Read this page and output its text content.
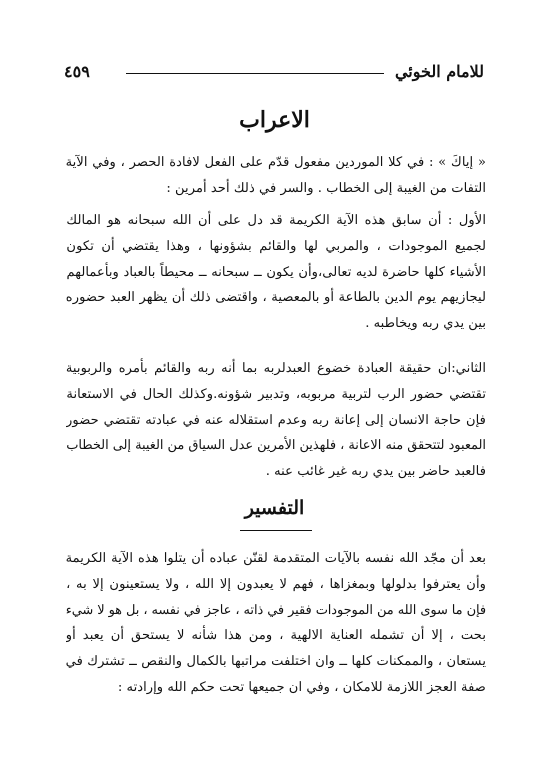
للامام الخوئي
٤٥٩
الاعراب
« إياكَ » : في كلا الموردين مفعول قدّم على الفعل لافادة الحصر ، وفي الآية
التفات من الغيبة إلى الخطاب . والسر في ذلك أحد أمرين :
الأول : أن سابق هذه الآية الكريمة قد دل على أن الله سبحانه هو المالك
لجميع الموجودات ، والمربي لها والقائم بشؤونها ، وهذا يقتضي أن تكون
الأشياء كلها حاضرة لديه تعالى،وأن يكون ــ سبحانه ــ محيطاً بالعباد وبأعمالهم
ليجازيهم يوم الدين بالطاعة أو بالمعصية ، واقتضى ذلك أن يظهر العبد حضوره
بين يدي ربه ويخاطبه .
الثاني:ان حقيقة العبادة خضوع العبدلربه بما أنه ربه والقائم بأمره والربوبية
تقتضي حضور الرب لتربية مربوبه، وتدبير شؤونه.وكذلك الحال في الاستعانة
فإن حاجة الانسان إلى إعانة ربه وعدم استقلاله عنه في عبادته تقتضي حضور
المعبود لتتحقق منه الاعانة ، فلهذين الأمرين عدل السياق من الغيبة إلى الخطاب
فالعبد حاضر بين يدي ربه غير غائب عنه .
التفسير
بعد أن مجّد الله نفسه بالآيات المتقدمة لقنّن عباده أن يتلوا هذه الآية الكريمة
وأن يعترفوا بدلولها وبمغزاها ، فهم لا يعبدون إلا الله ، ولا يستعينون إلا به ،
فإن ما سوى الله من الموجودات فقير في ذاته ، عاجز في نفسه ، بل هو لا شيء
بحت ، إلا أن تشمله العناية الالهية ، ومن هذا شأنه لا يستحق أن يعبد أو
يستعان ، والممكنات كلها ــ وان اختلفت مراتبها بالكمال والنقص ــ تشترك في
صفة العجز اللازمة للامكان ، وفي ان جميعها تحت حكم الله وإرادته :
